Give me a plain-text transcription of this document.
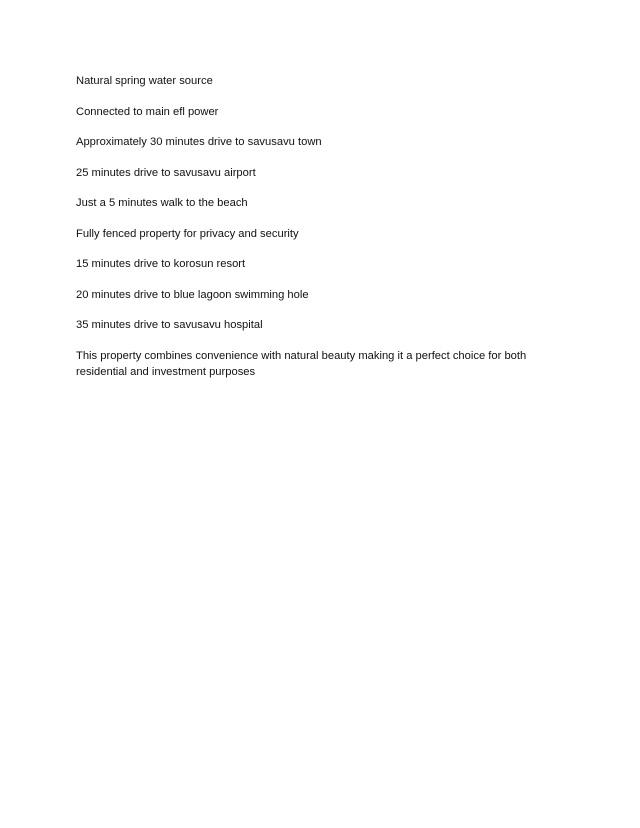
Natural spring water source

Connected to main efl power

Approximately 30 minutes drive to savusavu town

25 minutes drive to savusavu airport

Just a 5 minutes walk to the beach

Fully fenced property for privacy and security

15 minutes drive to korosun resort

20 minutes drive to blue lagoon swimming hole

35 minutes drive to savusavu hospital

This property combines convenience with natural beauty making it a perfect choice for both residential and investment purposes
